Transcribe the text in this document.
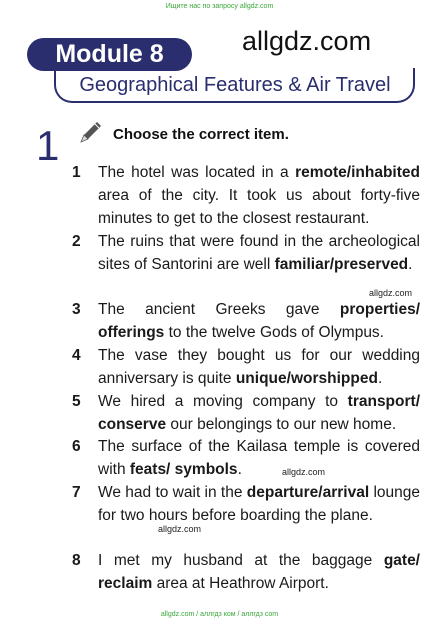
Ищите нас по запросу allgdz.com
Module 8	allgdz.com
Geographical Features & Air Travel
1	Choose the correct item.
1	The hotel was located in a remote/inhabited area of the city. It took us about forty-five minutes to get to the closest restaurant.
2	The ruins that were found in the archeological sites of Santorini are well familiar/preserved.
3	The ancient Greeks gave properties/ offerings to the twelve Gods of Olympus.
4	The vase they bought us for our wedding anniversary is quite unique/worshipped.
5	We hired a moving company to transport/ conserve our belongings to our new home.
6	The surface of the Kailasa temple is covered with feats/ symbols.
7	We had to wait in the departure/arrival lounge for two hours before boarding the plane.
8	I met my husband at the baggage gate/ reclaim area at Heathrow Airport.
allgdz.com
allgdz.com
allgdz.com
allgdz.com / аллгдз ком / аллгдз com
